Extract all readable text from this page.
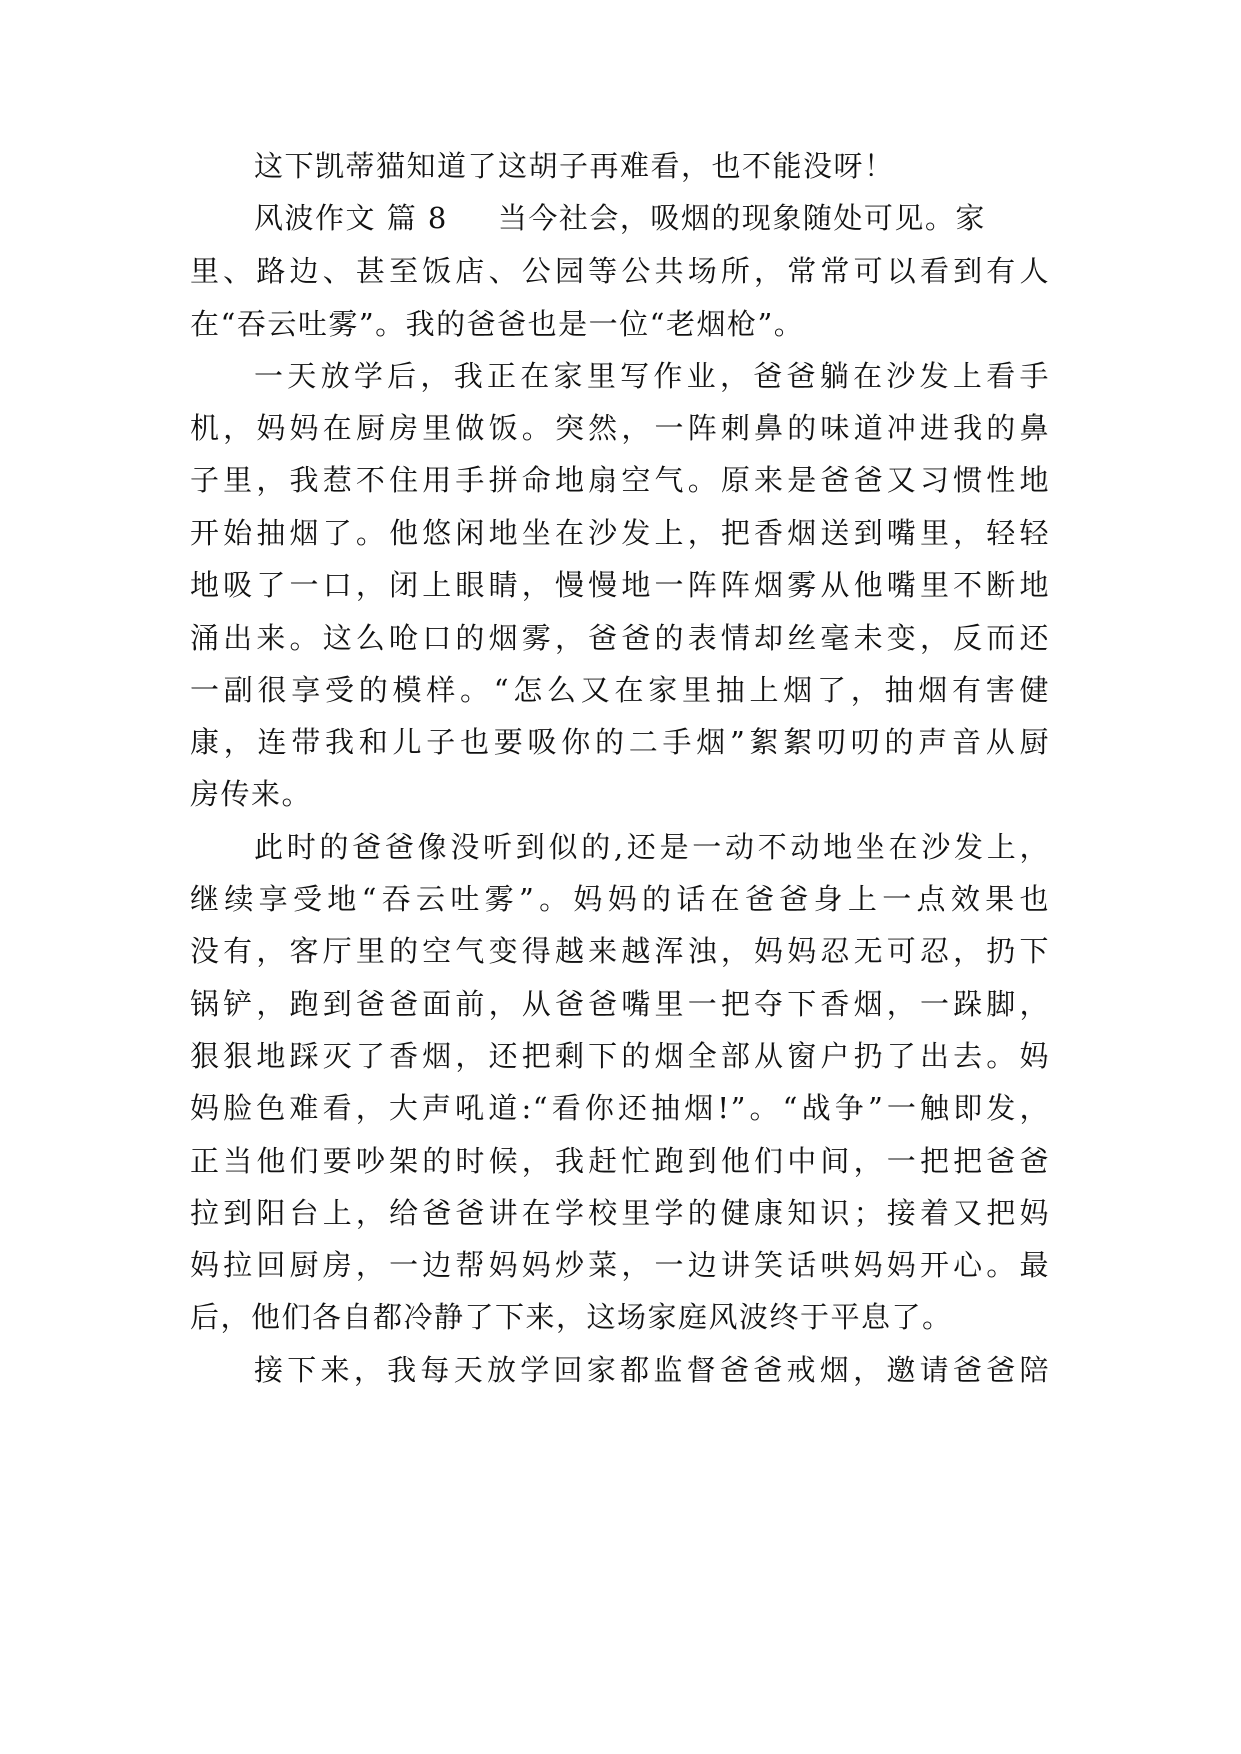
这下凯蒂猫知道了这胡子再难看，也不能没呀！
风波作文 篇 8 当今社会，吸烟的现象随处可见。家
里、路边、甚至饭店、公园等公共场所，常常可以看到有人
在“吞云吐雾”。我的爸爸也是一位“老烟枪”。
一天放学后，我正在家里写作业，爸爸躺在沙发上看手
机，妈妈在厨房里做饭。突然，一阵刺鼻的味道冲进我的鼻
子里，我惹不住用手拼命地扇空气。原来是爸爸又习惯性地
开始抽烟了。他悠闲地坐在沙发上，把香烟送到嘴里，轻轻
地吸了一口，闭上眼睛，慢慢地一阵阵烟雾从他嘴里不断地
涌出来。这么呛口的烟雾，爸爸的表情却丝毫未变，反而还
一副很享受的模样。“怎么又在家里抽上烟了，抽烟有害健
康，连带我和儿子也要吸你的二手烟”絮絮叨叨的声音从厨
房传来。
此时的爸爸像没听到似的,还是一动不动地坐在沙发上，
继续享受地“吞云吐雾”。妈妈的话在爸爸身上一点效果也
没有，客厅里的空气变得越来越浑浊，妈妈忍无可忍，扔下
锅铲，跑到爸爸面前，从爸爸嘴里一把夺下香烟，一跺脚，
狠狠地踩灭了香烟，还把剩下的烟全部从窗户扔了出去。妈
妈脸色难看，大声吼道:“看你还抽烟!”。“战争”一触即发，
正当他们要吵架的时候，我赶忙跑到他们中间，一把把爸爸
拉到阳台上，给爸爸讲在学校里学的健康知识；接着又把妈
妈拉回厨房，一边帮妈妈炒菜，一边讲笑话哄妈妈开心。最
后，他们各自都冷静了下来，这场家庭风波终于平息了。
接下来，我每天放学回家都监督爸爸戒烟，邀请爸爸陪
